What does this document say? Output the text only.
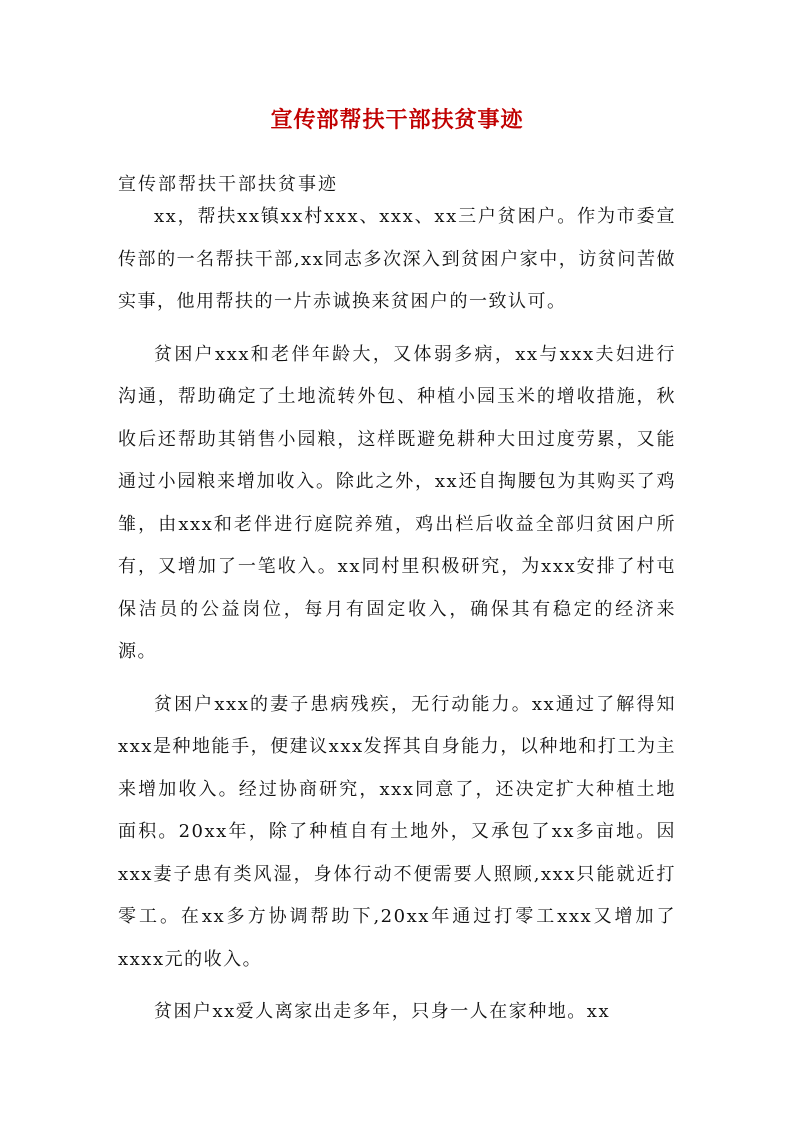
宣传部帮扶干部扶贫事迹

宣传部帮扶干部扶贫事迹

xx，帮扶xx镇xx村xxx、xxx、xx三户贫困户。作为市委宣传部的一名帮扶干部,xx同志多次深入到贫困户家中，访贫问苦做实事，他用帮扶的一片赤诚换来贫困户的一致认可。

贫困户xxx和老伴年龄大，又体弱多病，xx与xxx夫妇进行沟通，帮助确定了土地流转外包、种植小园玉米的增收措施，秋收后还帮助其销售小园粮，这样既避免耕种大田过度劳累，又能通过小园粮来增加收入。除此之外，xx还自掏腰包为其购买了鸡雏，由xxx和老伴进行庭院养殖，鸡出栏后收益全部归贫困户所有，又增加了一笔收入。xx同村里积极研究，为xxx安排了村屯保洁员的公益岗位，每月有固定收入，确保其有稳定的经济来源。

贫困户xxx的妻子患病残疾，无行动能力。xx通过了解得知xxx是种地能手，便建议xxx发挥其自身能力，以种地和打工为主来增加收入。经过协商研究，xxx同意了，还决定扩大种植土地面积。20xx年，除了种植自有土地外，又承包了xx多亩地。因xxx妻子患有类风湿，身体行动不便需要人照顾,xxx只能就近打零工。在xx多方协调帮助下,20xx年通过打零工xxx又增加了xxxx元的收入。

贫困户xx爱人离家出走多年，只身一人在家种地。xx
